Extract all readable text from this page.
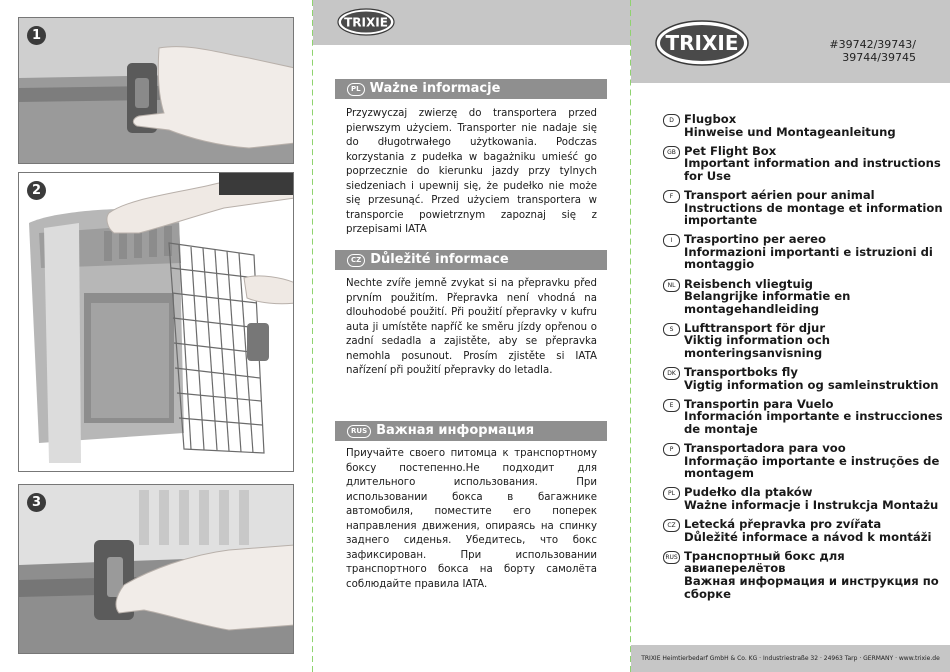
1
2
3
TRIXIE
PL Ważne informacje
Przyzwyczaj zwierzę do transportera przed pierwszym użyciem. Transporter nie nadaje się do długotrwałego użytkowania. Podczas korzystania z pudełka w bagażniku umieść go poprzecznie do kierunku jazdy przy tylnych siedzeniach i upewnij się, że pudełko nie może się przesunąć. Przed użyciem transportera w transporcie powietrznym zapoznaj się z przepisami IATA
CZ Důležité informace
Nechte zvíře jemně zvykat si na přepravku před prvním použitím. Přepravka není vhodná na dlouhodobé použití. Při použití přepravky v kufru auta ji umístěte napříč ke směru jízdy opřenou o zadní sedadla a zajistěte, aby se přepravka nemohla posunout. Prosím zjistěte si IATA nařízení při použití přepravky do letadla.
RUS Важная информация
Приучайте своего питомца к транспортному боксу постепенно.Не подходит для длительного использования. При использовании бокса в багажнике автомобиля, поместите его поперек направления движения, опираясь на спинку заднего сиденья. Убедитесь, что бокс зафиксирован. При использовании транспортного бокса на борту самолёта соблюдайте правила IATA.
TRIXIE	#39742/39743/
39744/39745
D Flugbox
Hinweise und Montageanleitung
GB Pet Flight Box
Important information and instructions for Use
F Transport aérien pour animal
Instructions de montage et information importante
I	Trasportino per aereo
Informazioni importanti e istruzioni di montaggio
NL Reisbench vliegtuig
Belangrijke informatie en montagehandleiding
S Lufttransport för djur
Viktig information och monteringsanvisning
DK Transportboks fly
Vigtig information og samleinstruktion
E Transportin para Vuelo
Información importante e instrucciones de montaje
P Transportadora para voo
Informação importante e instruções de montagem
PL Pudełko dla ptaków
Ważne informacje i Instrukcja Montażu
CZ Letecká přepravka pro zvířata
Důležité informace a návod k montáži
RUS Транспортный бокс для авиаперелётов
Важная информация и инструкция по сборке
TRIXIE Heimtierbedarf GmbH & Co. KG · Industriestraße 32 · 24963 Tarp · GERMANY · www.trixie.de
